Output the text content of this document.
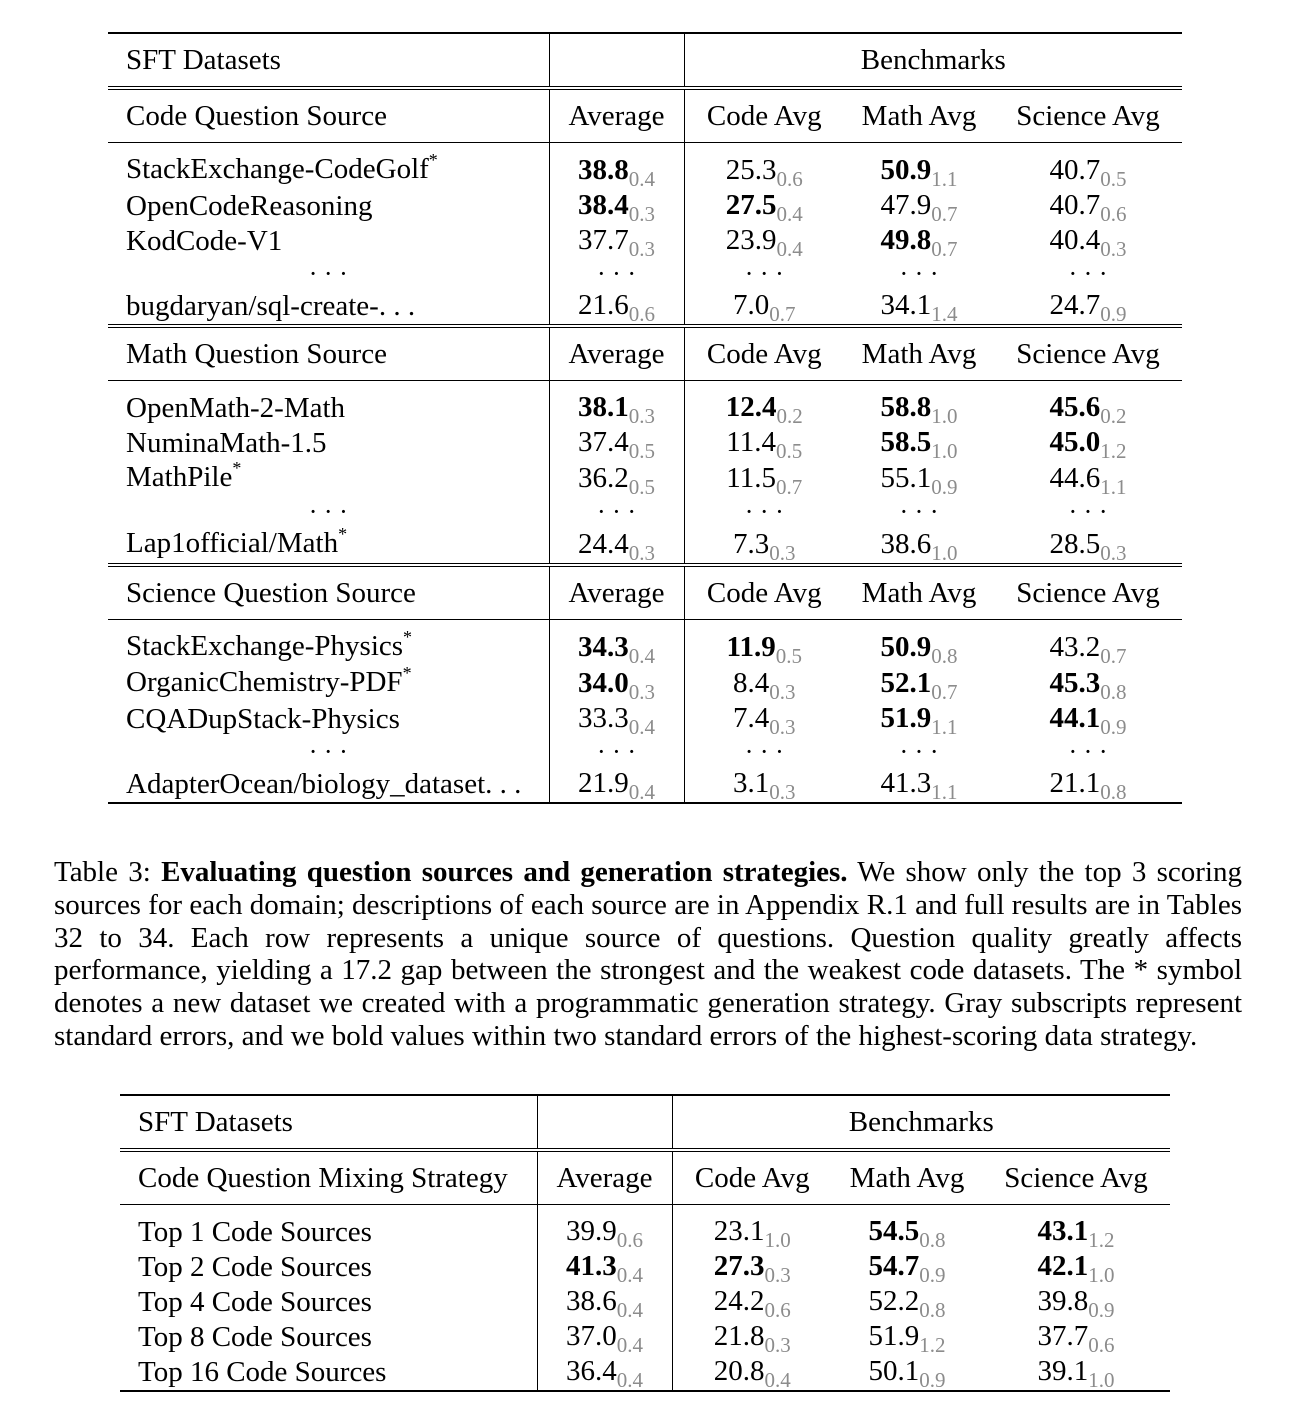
SFT Datasets		Benchmarks		
Code Question Source	Average	Code Avg	Math Avg	Science Avg

StackExchange-CodeGolf*	$38.8_{0.4}$	$25.3_{0.6}$	$50.9_{1.1}$	$40.7_{0.5}$
OpenCodeReasoning	$38.4_{0.3}$	$27.5_{0.4}$	$47.9_{0.7}$	$40.7_{0.6}$
KodCode-V1	$37.7_{0.3}$	$23.9_{0.4}$	$49.8_{0.7}$	$40.4_{0.3}$
· · ·	· · ·	· · ·	· · ·	· · ·
bugdaryan/sql-create-. . .	$21.6_{0.6}$	$7.0_{0.7}$	$34.1_{1.4}$	$24.7_{0.9}$
Math Question Source	Average	Code Avg	Math Avg	Science Avg

OpenMath-2-Math	$38.1_{0.3}$	$12.4_{0.2}$	$58.8_{1.0}$	$45.6_{0.2}$
NuminaMath-1.5	$37.4_{0.5}$	$11.4_{0.5}$	$58.5_{1.0}$	$45.0_{1.2}$
MathPile*	$36.2_{0.5}$	$11.5_{0.7}$	$55.1_{0.9}$	$44.6_{1.1}$
· · ·	· · ·	· · ·	· · ·	· · ·
Lap1official/Math*	$24.4_{0.3}$	$7.3_{0.3}$	$38.6_{1.0}$	$28.5_{0.3}$
Science Question Source	Average	Code Avg	Math Avg	Science Avg

StackExchange-Physics*	$34.3_{0.4}$	$11.9_{0.5}$	$50.9_{0.8}$	$43.2_{0.7}$
OrganicChemistry-PDF*	$34.0_{0.3}$	$8.4_{0.3}$	$52.1_{0.7}$	$45.3_{0.8}$
CQADupStack-Physics	$33.3_{0.4}$	$7.4_{0.3}$	$51.9_{1.1}$	$44.1_{0.9}$
· · ·	· · ·	· · ·	· · ·	· · ·
AdapterOcean/biology_dataset. . .	$21.9_{0.4}$	$3.1_{0.3}$	$41.3_{1.1}$	$21.1_{0.8}$

Table 3: Evaluating question sources and generation strategies. We show only the top 3 scoring sources for each domain; descriptions of each source are in Appendix R.1 and full results are in Tables 32 to 34. Each row represents a unique source of questions. Question quality greatly affects performance, yielding a 17.2 gap between the strongest and the weakest code datasets. The * symbol denotes a new dataset we created with a programmatic generation strategy. Gray subscripts represent standard errors, and we bold values within two standard errors of the highest-scoring data strategy.

SFT Datasets		Benchmarks		
Code Question Mixing Strategy	Average	Code Avg	Math Avg	Science Avg

Top 1 Code Sources	$39.9_{0.6}$	$23.1_{1.0}$	$54.5_{0.8}$	$43.1_{1.2}$
Top 2 Code Sources	$41.3_{0.4}$	$27.3_{0.3}$	$54.7_{0.9}$	$42.1_{1.0}$
Top 4 Code Sources	$38.6_{0.4}$	$24.2_{0.6}$	$52.2_{0.8}$	$39.8_{0.9}$
Top 8 Code Sources	$37.0_{0.4}$	$21.8_{0.3}$	$51.9_{1.2}$	$37.7_{0.6}$
Top 16 Code Sources	$36.4_{0.4}$	$20.8_{0.4}$	$50.1_{0.9}$	$39.1_{1.0}$
